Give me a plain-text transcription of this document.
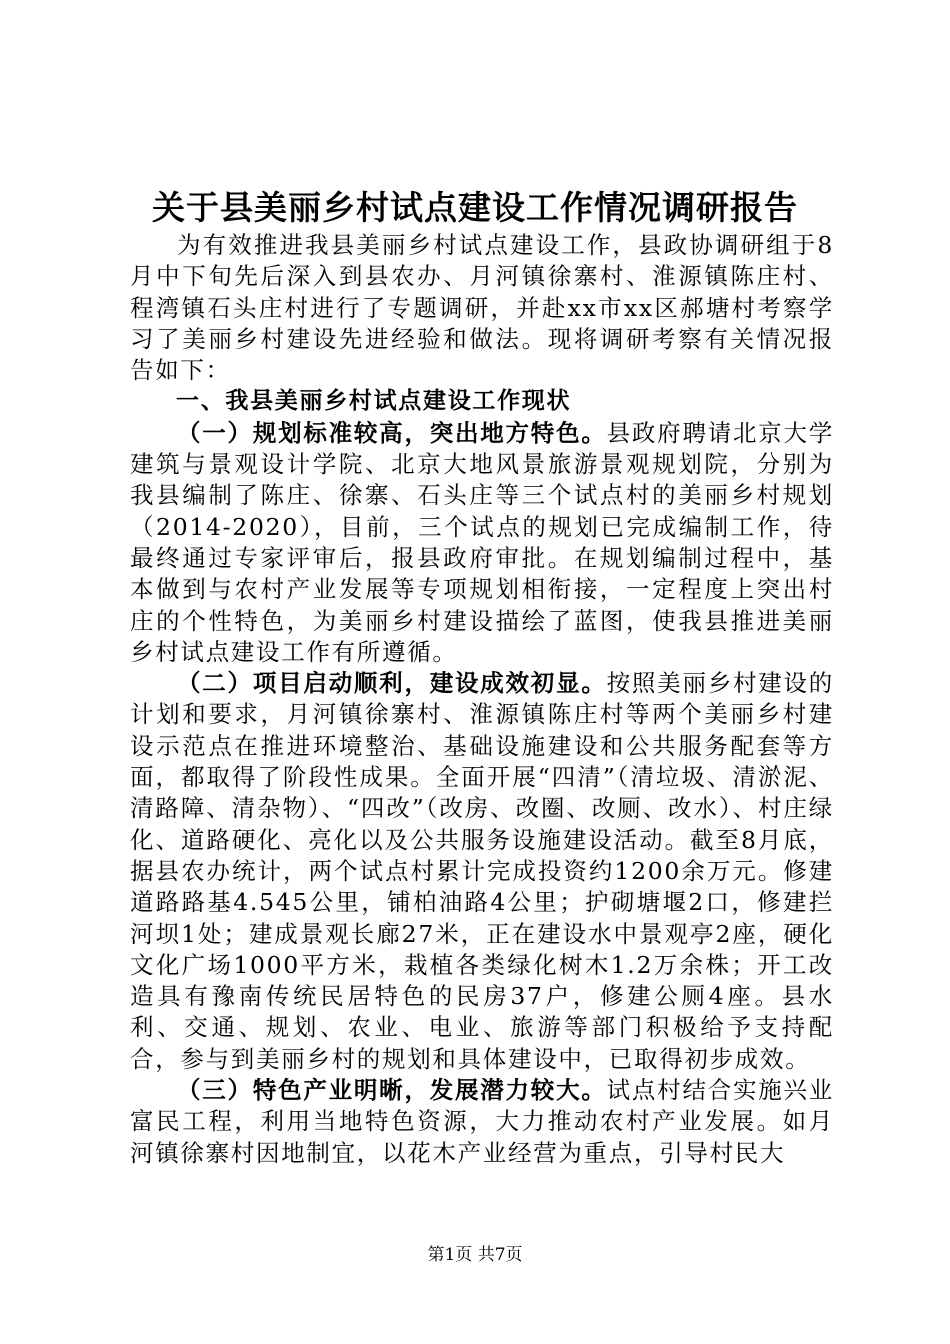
关于县美丽乡村试点建设工作情况调研报告

为有效推进我县美丽乡村试点建设工作，县政协调研组于8月中下旬先后深入到县农办、月河镇徐寨村、淮源镇陈庄村、程湾镇石头庄村进行了专题调研，并赴xx市xx区郝塘村考察学习了美丽乡村建设先进经验和做法。现将调研考察有关情况报告如下：

一、我县美丽乡村试点建设工作现状

（一）规划标准较高，突出地方特色。县政府聘请北京大学建筑与景观设计学院、北京大地风景旅游景观规划院，分别为我县编制了陈庄、徐寨、石头庄等三个试点村的美丽乡村规划（2014-2020），目前，三个试点的规划已完成编制工作，待最终通过专家评审后，报县政府审批。在规划编制过程中，基本做到与农村产业发展等专项规划相衔接，一定程度上突出村庄的个性特色，为美丽乡村建设描绘了蓝图，使我县推进美丽乡村试点建设工作有所遵循。

（二）项目启动顺利，建设成效初显。按照美丽乡村建设的计划和要求，月河镇徐寨村、淮源镇陈庄村等两个美丽乡村建设示范点在推进环境整治、基础设施建设和公共服务配套等方面，都取得了阶段性成果。全面开展“四清”（清垃圾、清淤泥、清路障、清杂物）、“四改”（改房、改圈、改厕、改水）、村庄绿化、道路硬化、亮化以及公共服务设施建设活动。截至8月底，据县农办统计，两个试点村累计完成投资约1200余万元。修建道路路基4.545公里，铺柏油路4公里；护砌塘堰2口，修建拦河坝1处；建成景观长廊27米，正在建设水中景观亭2座，硬化文化广场1000平方米，栽植各类绿化树木1.2万余株；开工改造具有豫南传统民居特色的民房37户，修建公厕4座。县水利、交通、规划、农业、电业、旅游等部门积极给予支持配合，参与到美丽乡村的规划和具体建设中，已取得初步成效。

（三）特色产业明晰，发展潜力较大。试点村结合实施兴业富民工程，利用当地特色资源，大力推动农村产业发展。如月河镇徐寨村因地制宜，以花木产业经营为重点，引导村民大

第1页 共7页
